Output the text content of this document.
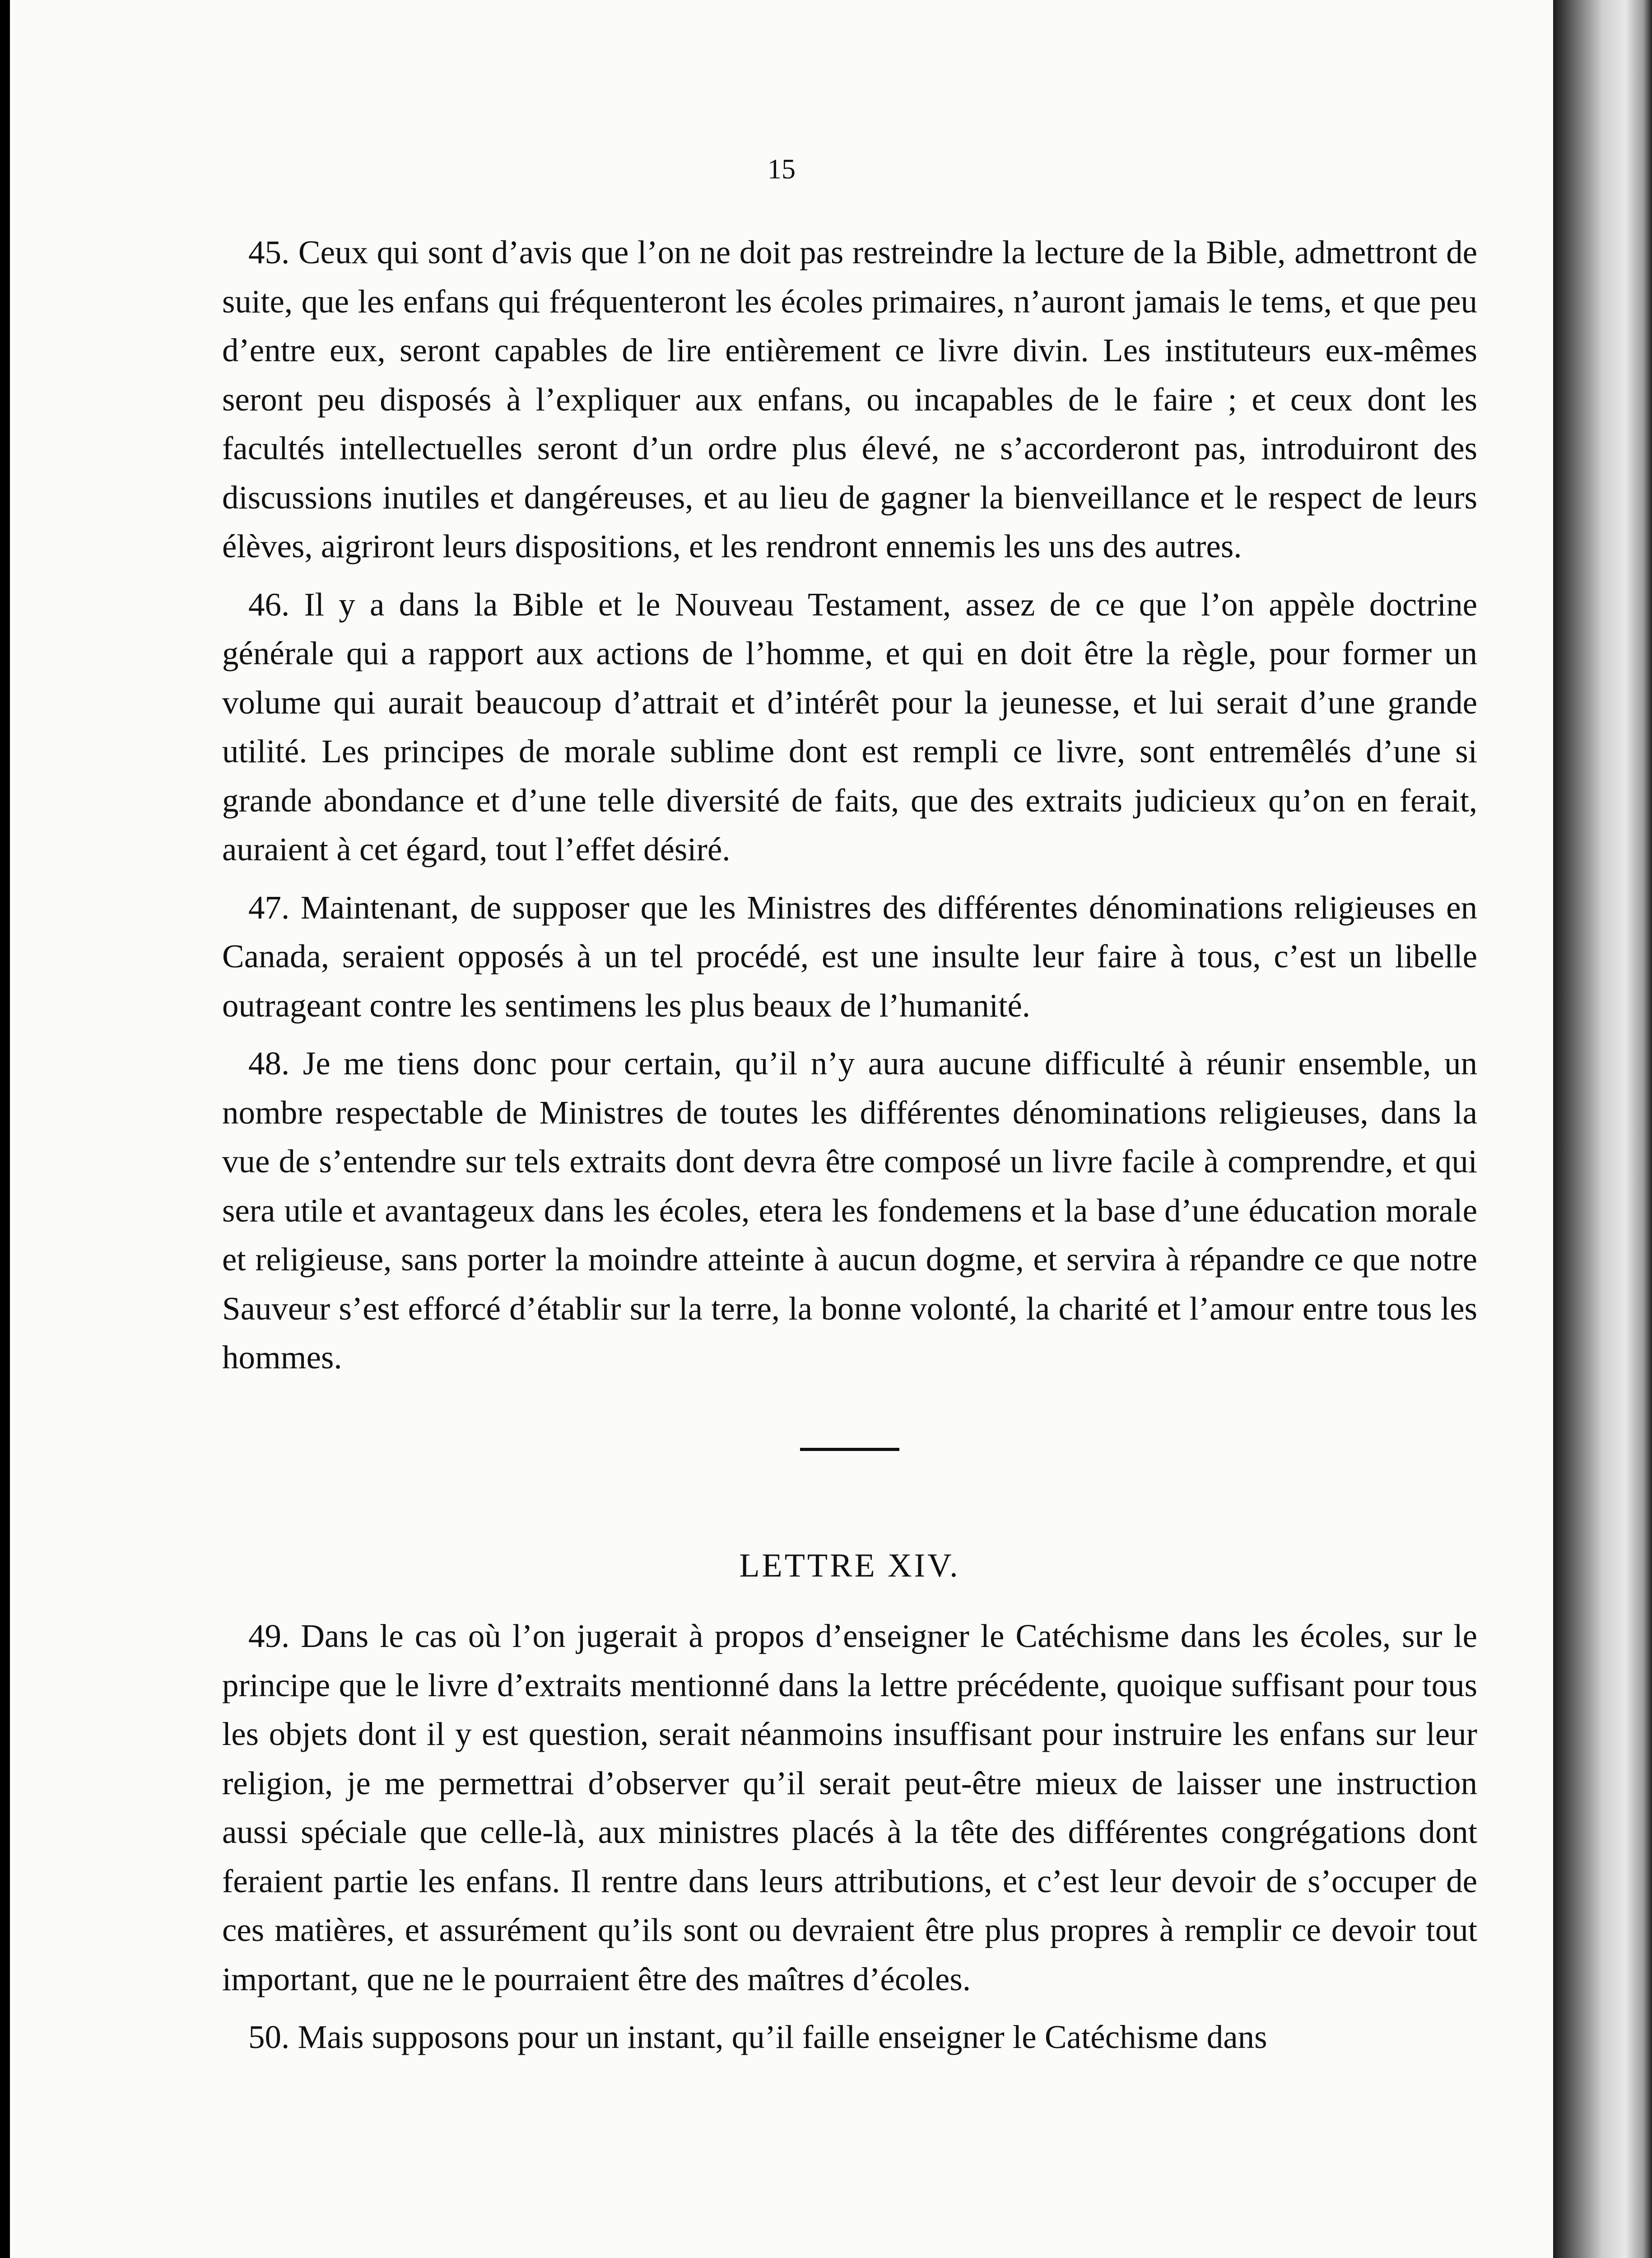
15

45. Ceux qui sont d’avis que l’on ne doit pas restreindre la lecture de la Bible, admettront de suite, que les enfans qui fréquenteront les écoles primaires, n’auront jamais le tems, et que peu d’entre eux, seront capables de lire entièrement ce livre divin. Les instituteurs eux-mêmes seront peu disposés à l’expliquer aux enfans, ou incapables de le faire ; et ceux dont les facultés intellectuelles seront d’un ordre plus élevé, ne s’accorderont pas, introduiront des discussions inutiles et dangéreuses, et au lieu de gagner la bienveillance et le respect de leurs élèves, aigriront leurs dispositions, et les rendront ennemis les uns des autres.

46. Il y a dans la Bible et le Nouveau Testament, assez de ce que l’on appèle doctrine générale qui a rapport aux actions de l’homme, et qui en doit être la règle, pour former un volume qui aurait beaucoup d’attrait et d’intérêt pour la jeunesse, et lui serait d’une grande utilité. Les principes de morale sublime dont est rempli ce livre, sont entremêlés d’une si grande abondance et d’une telle diversité de faits, que des extraits judicieux qu’on en ferait, auraient à cet égard, tout l’effet désiré.

47. Maintenant, de supposer que les Ministres des différentes dénominations religieuses en Canada, seraient opposés à un tel procédé, est une insulte leur faire à tous, c’est un libelle outrageant contre les sentimens les plus beaux de l’humanité.

48. Je me tiens donc pour certain, qu’il n’y aura aucune difficulté à réunir ensemble, un nombre respectable de Ministres de toutes les différentes dénominations religieuses, dans la vue de s’entendre sur tels extraits dont devra être composé un livre facile à comprendre, et qui sera utile et avantageux dans les écoles, etera les fondemens et la base d’une éducation morale et religieuse, sans porter la moindre atteinte à aucun dogme, et servira à répandre ce que notre Sauveur s’est efforcé d’établir sur la terre, la bonne volonté, la charité et l’amour entre tous les hommes.

LETTRE XIV.

49. Dans le cas où l’on jugerait à propos d’enseigner le Catéchisme dans les écoles, sur le principe que le livre d’extraits mentionné dans la lettre précédente, quoique suffisant pour tous les objets dont il y est question, serait néanmoins insuffisant pour instruire les enfans sur leur religion, je me permettrai d’observer qu’il serait peut-être mieux de laisser une instruction aussi spéciale que celle-là, aux ministres placés à la tête des différentes congrégations dont feraient partie les enfans. Il rentre dans leurs attributions, et c’est leur devoir de s’occuper de ces matières, et assurément qu’ils sont ou devraient être plus propres à remplir ce devoir tout important, que ne le pourraient être des maîtres d’écoles.

50. Mais supposons pour un instant, qu’il faille enseigner le Catéchisme dans
